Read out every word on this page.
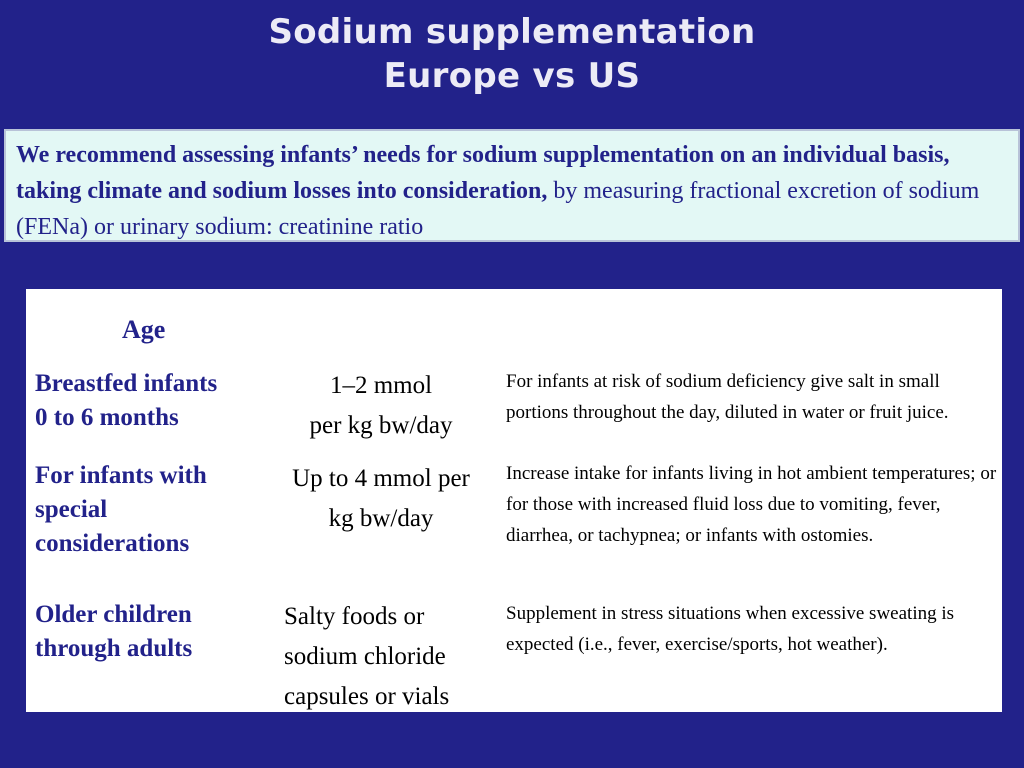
Sodium supplementation
Europe vs US
We recommend assessing infants’ needs for sodium supplementation on an individual basis, taking climate and sodium losses into consideration, by measuring fractional excretion of sodium (FENa) or urinary sodium: creatinine ratio
Age
Breastfed infants
0 to 6 months
1–2 mmol
per kg bw/day
For infants at risk of sodium deficiency give salt in small portions throughout the day, diluted in water or fruit juice.
For infants with
special
considerations
Up to 4 mmol per
kg bw/day
Increase intake for infants living in hot ambient temperatures; or for those with increased fluid loss due to vomiting, fever, diarrhea, or tachypnea; or infants with ostomies.
Older children
through adults
Salty foods or
sodium chloride
capsules or vials
Supplement in stress situations when excessive sweating is expected (i.e., fever, exercise/sports, hot weather).
